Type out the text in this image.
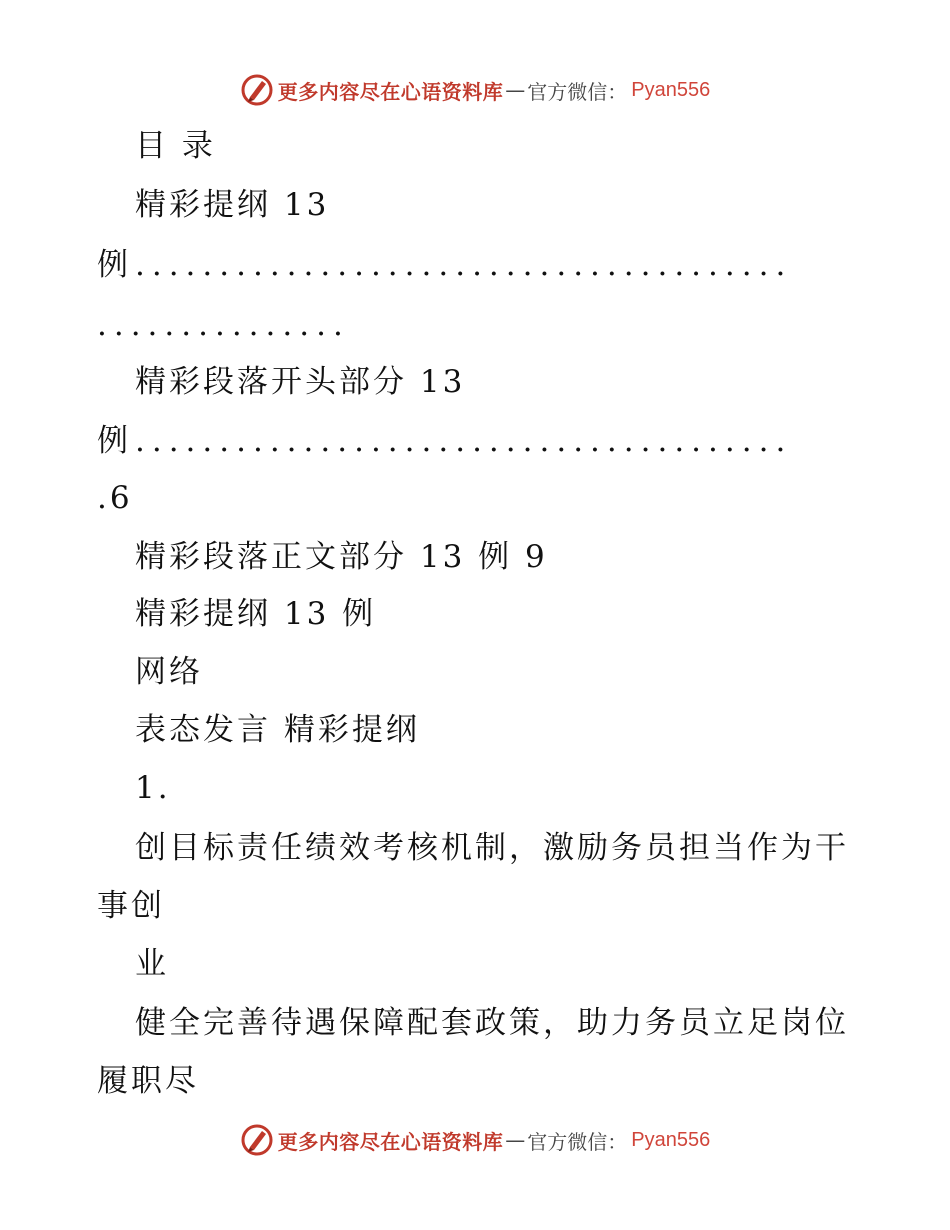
更多内容尽在心语资料库 — 官方微信： Pyan556
目 录
精彩提纲 13
例.......................................
...............
精彩段落开头部分 13
例.......................................
.6
精彩段落正文部分 13 例 9
精彩提纲 13 例
网络
表态发言 精彩提纲
1.
创目标责任绩效考核机制，激励务员担当作为干
事创
业
健全完善待遇保障配套政策，助力务员立足岗位
履职尽
更多内容尽在心语资料库 — 官方微信： Pyan556
